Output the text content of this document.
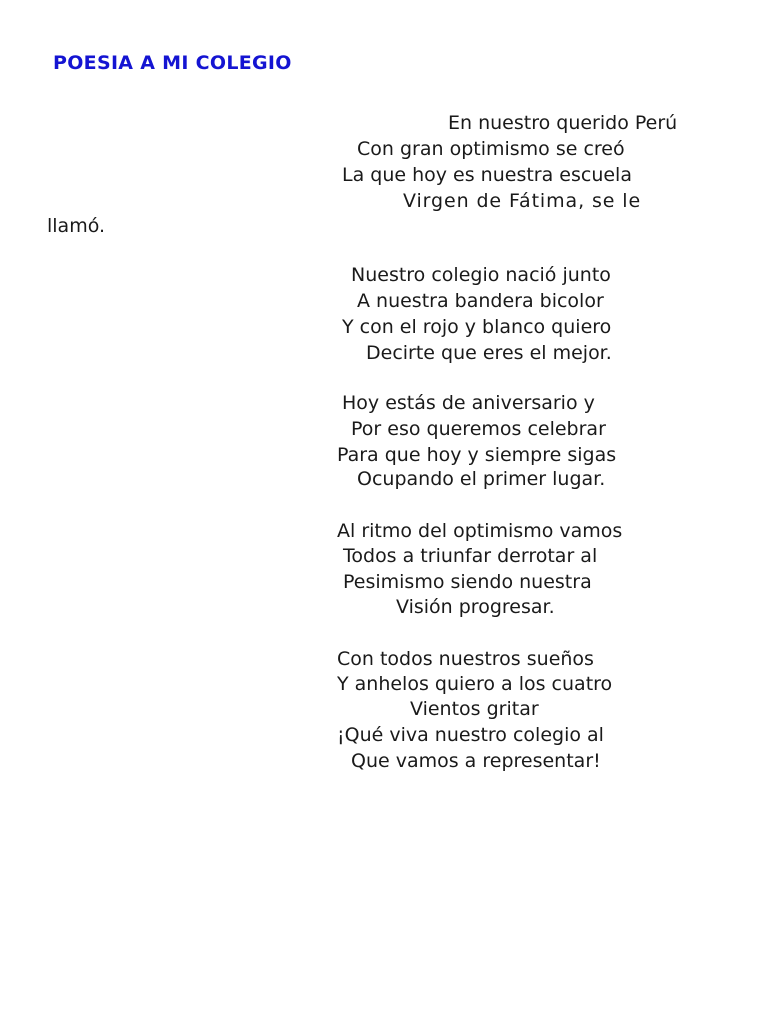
POESIA A MI COLEGIO
En nuestro querido Perú
Con gran optimismo se creó
La que hoy es nuestra escuela
Virgen de Fátima, se le
llamó.
Nuestro colegio nació junto
A nuestra bandera bicolor
Y con el rojo y blanco quiero
Decirte que eres el mejor.
Hoy estás de aniversario y
Por eso queremos celebrar
Para que hoy y siempre sigas
Ocupando el primer lugar.
Al ritmo del optimismo vamos
Todos a triunfar derrotar al
Pesimismo siendo nuestra
Visión progresar.
Con todos nuestros sueños
Y anhelos quiero a los cuatro
Vientos gritar
¡Qué viva nuestro colegio al
Que vamos a representar!
